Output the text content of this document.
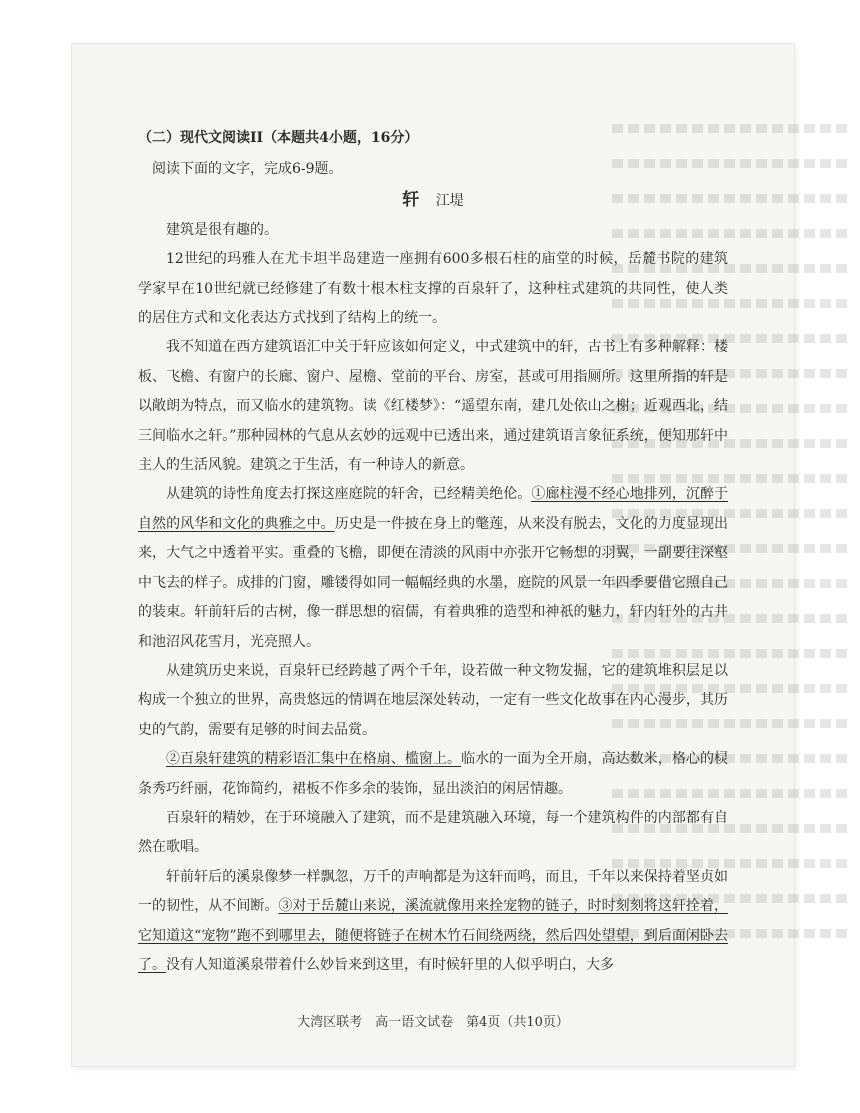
（二）现代文阅读II（本题共4小题，16分）
阅读下面的文字，完成6-9题。
轩 江堤

建筑是很有趣的。

12世纪的玛雅人在尤卡坦半岛建造一座拥有600多根石柱的庙堂的时候，岳麓书院的建筑学家早在10世纪就已经修建了有数十根木柱支撑的百泉轩了，这种柱式建筑的共同性，使人类的居住方式和文化表达方式找到了结构上的统一。

我不知道在西方建筑语汇中关于轩应该如何定义，中式建筑中的轩，古书上有多种解释：楼板、飞檐、有窗户的长廊、窗户、屋檐、堂前的平台、房室，甚或可用指厕所。这里所指的轩是以敞朗为特点，而又临水的建筑物。读《红楼梦》：“遥望东南，建几处依山之榭；近观西北，结三间临水之轩。”那种园林的气息从玄妙的远观中已透出来，通过建筑语言象征系统，便知那轩中主人的生活风貌。建筑之于生活，有一种诗人的新意。

从建筑的诗性角度去打探这座庭院的轩舍，已经精美绝伦。①廊柱漫不经心地排列，沉醉于自然的风华和文化的典雅之中。历史是一件披在身上的氅莲，从来没有脱去，文化的力度显现出来，大气之中透着平实。重叠的飞檐，即便在清淡的风雨中亦张开它畅想的羽翼，一副要往深壑中飞去的样子。成排的门窗，雕镂得如同一幅幅经典的水墨，庭院的风景一年四季要借它照自己的装束。轩前轩后的古树，像一群思想的宿儒，有着典雅的造型和神祇的魅力，轩内轩外的古井和池沼风花雪月，光亮照人。

从建筑历史来说，百泉轩已经跨越了两个千年，设若做一种文物发掘，它的建筑堆积层足以构成一个独立的世界，高贵悠远的情调在地层深处转动，一定有一些文化故事在内心漫步，其历史的气韵，需要有足够的时间去品赏。

②百泉轩建筑的精彩语汇集中在格扇、槛窗上。临水的一面为全开扇，高达数米，格心的棂条秀巧纤丽，花饰简约，裙板不作多余的装饰，显出淡泊的闲居情趣。

百泉轩的精妙，在于环境融入了建筑，而不是建筑融入环境，每一个建筑构件的内部都有自然在歌唱。

轩前轩后的溪泉像梦一样飘忽，万千的声响都是为这轩而鸣，而且，千年以来保持着坚贞如一的韧性，从不间断。③对于岳麓山来说，溪流就像用来拴宠物的链子，时时刻刻将这轩拴着，它知道这“宠物”跑不到哪里去，随便将链子在树木竹石间绕两绕，然后四处望望，到后面闲卧去了。没有人知道溪泉带着什么妙旨来到这里，有时候轩里的人似乎明白，大多

大湾区联考　高一语文试卷　第4页（共10页）
